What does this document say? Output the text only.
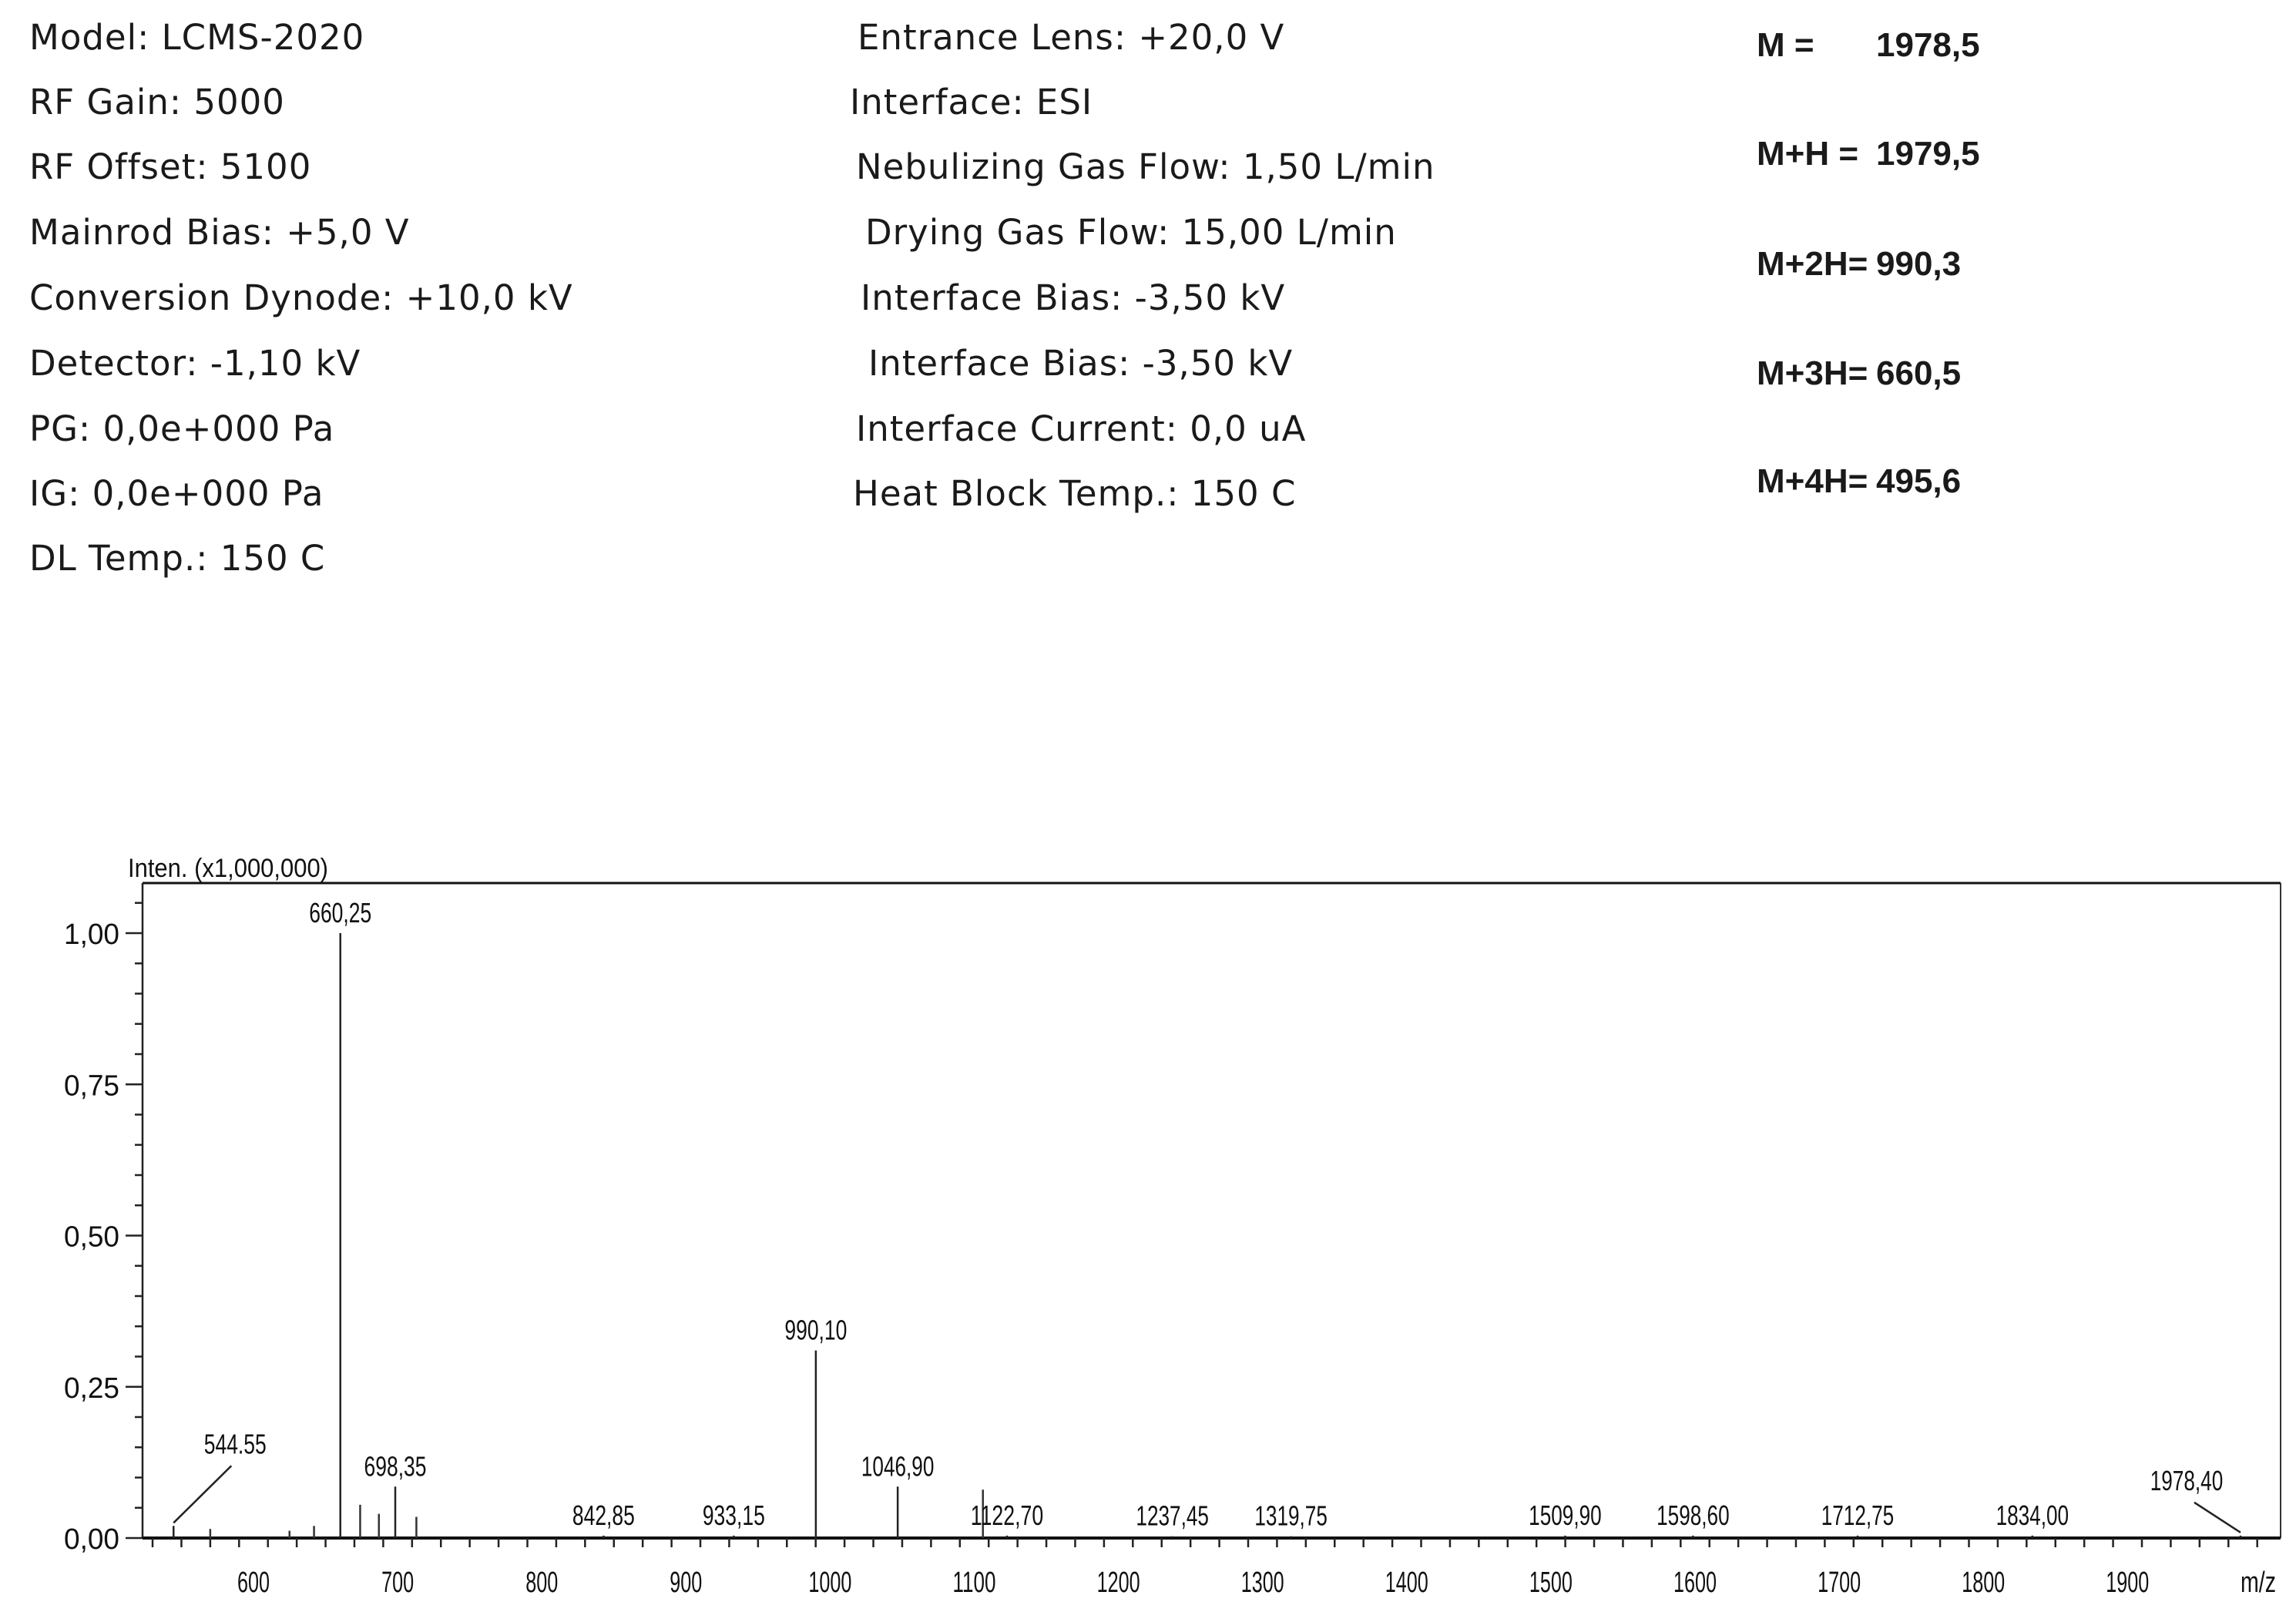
Model: LCMS-2020
RF Gain: 5000
RF Offset: 5100
Mainrod Bias: +5,0 V
Conversion Dynode: +10,0 kV
Detector: -1,10 kV
PG: 0,0e+000 Pa
IG: 0,0e+000 Pa
DL Temp.: 150 C
Entrance Lens: +20,0 V
Interface: ESI
Nebulizing Gas Flow: 1,50 L/min
Drying Gas Flow: 15,00 L/min
Interface Bias: -3,50 kV
Interface Bias: -3,50 kV
Interface Current: 0,0 uA
Heat Block Temp.: 150 C
M = 1978,5
M+H = 1979,5
M+2H= 990,3
M+3H= 660,5
M+4H= 495,6
0,00
0,25
0,50
0,75
1,00
600	700	800	900	1000	1100	1200	1300	1400	1500	1600	1700	1800	1900
544.55
660,25
698,35
842,85 933,15
990,10
1046,90
1122,70	1237,45 1319,75	1509,90 1598,60	1712,75	1834,00
1978,40
Inten. (x1,000,000)
m/z
